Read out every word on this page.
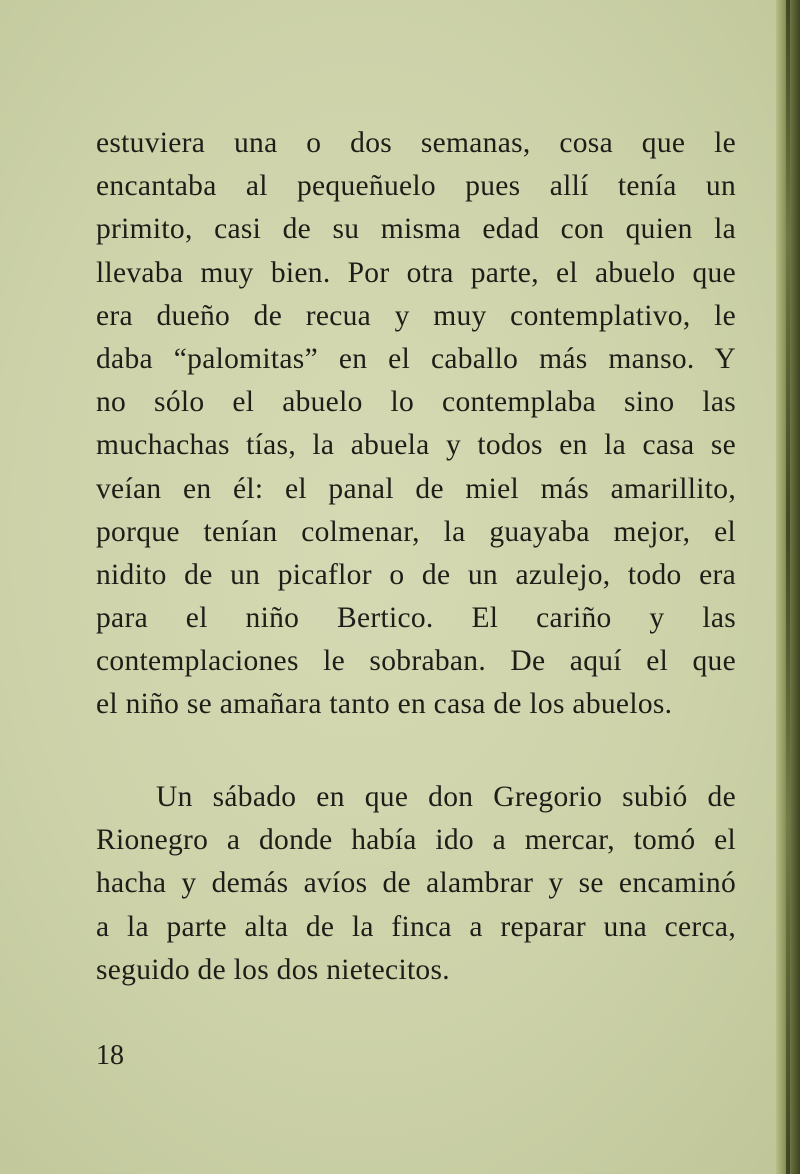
estuviera una o dos semanas, cosa que le
encantaba al pequeñuelo pues allí tenía un
primito, casi de su misma edad con quien la
llevaba muy bien. Por otra parte, el abuelo que
era dueño de recua y muy contemplativo, le
daba “palomitas” en el caballo más manso. Y
no sólo el abuelo lo contemplaba sino las
muchachas tías, la abuela y todos en la casa se
veían en él: el panal de miel más amarillito,
porque tenían colmenar, la guayaba mejor, el
nidito de un picaflor o de un azulejo, todo era
para el niño Bertico. El cariño y las
contemplaciones le sobraban. De aquí el que
el niño se amañara tanto en casa de los abuelos.
Un sábado en que don Gregorio subió de
Rionegro a donde había ido a mercar, tomó el
hacha y demás avíos de alambrar y se encaminó
a la parte alta de la finca a reparar una cerca,
seguido de los dos nietecitos.
18
